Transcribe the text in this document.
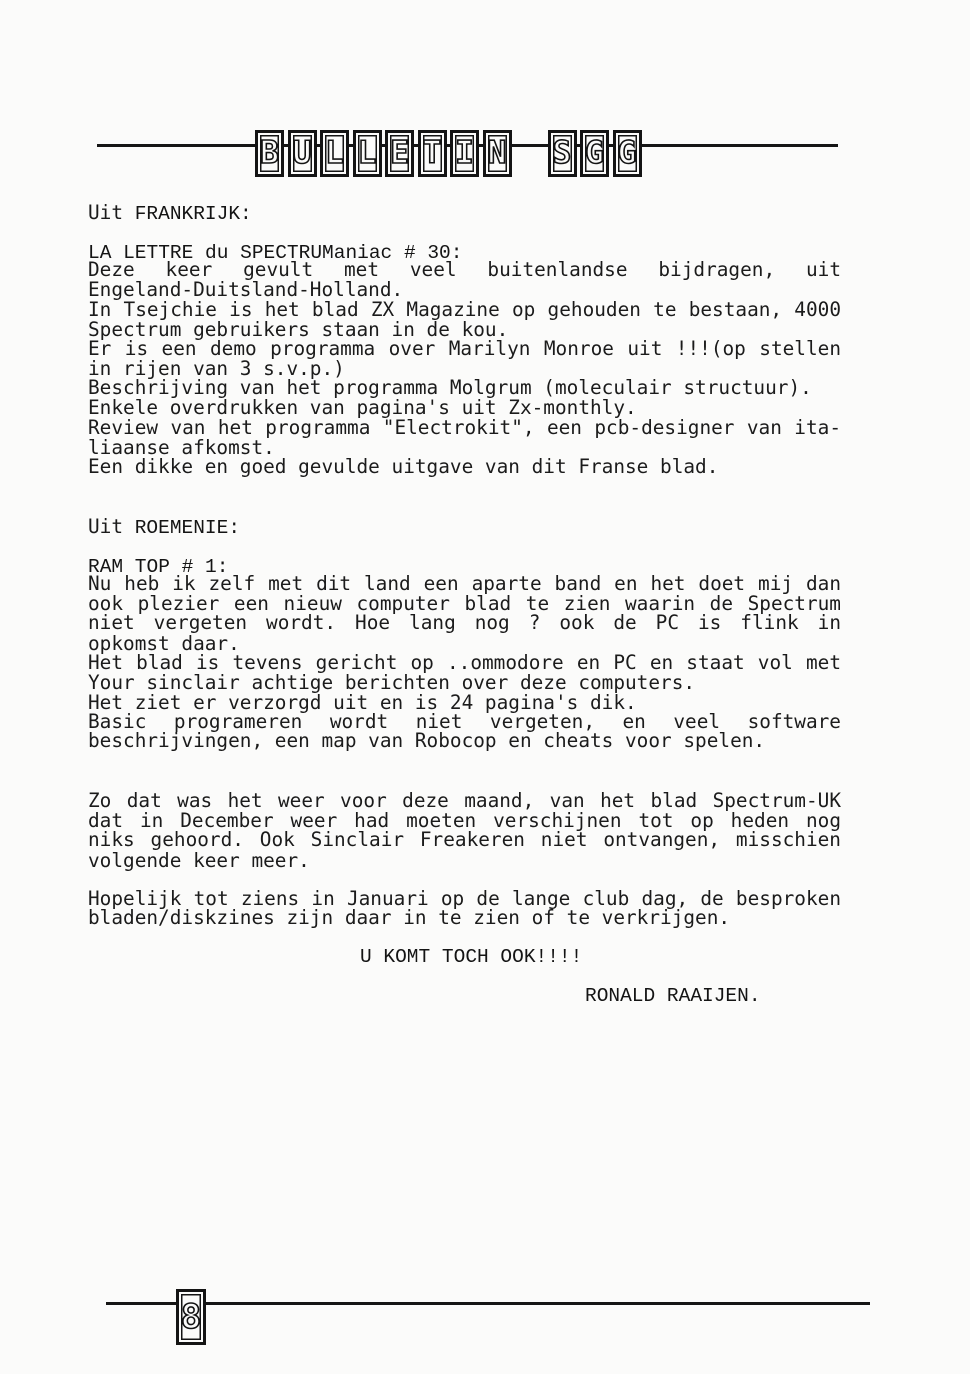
B U L L E T I N S G G
Uit FRANKRIJK:
LA LETTRE du SPECTRUManiac # 30:
Deze keer gevult met veel buitenlandse bijdragen, uit
Engeland-Duitsland-Holland.
In Tsejchie is het blad ZX Magazine op gehouden te bestaan, 4000
Spectrum gebruikers staan in de kou.
Er is een demo programma over Marilyn Monroe uit !!!(op stellen
in rijen van 3 s.v.p.)
Beschrijving van het programma Molgrum (moleculair structuur).
Enkele overdrukken van pagina's uit Zx-monthly.
Review van het programma "Electrokit", een pcb-designer van ita-
liaanse afkomst.
Een dikke en goed gevulde uitgave van dit Franse blad.
Uit ROEMENIE:
RAM TOP # 1:
Nu heb ik zelf met dit land een aparte band en het doet mij dan
ook plezier een nieuw computer blad te zien waarin de Spectrum
niet vergeten wordt. Hoe lang nog ? ook de PC is flink in
opkomst daar.
Het blad is tevens gericht op ..ommodore en PC en staat vol met
Your sinclair achtige berichten over deze computers.
Het ziet er verzorgd uit en is 24 pagina's dik.
Basic programeren wordt niet vergeten, en veel software
beschrijvingen, een map van Robocop en cheats voor spelen.
Zo dat was het weer voor deze maand, van het blad Spectrum-UK
dat in December weer had moeten verschijnen tot op heden nog
niks gehoord. Ook Sinclair Freakeren niet ontvangen, misschien
volgende keer meer.
Hopelijk tot ziens in Januari op de lange club dag, de besproken
bladen/diskzines zijn daar in te zien of te verkrijgen.
U KOMT TOCH OOK!!!!
RONALD RAAIJEN.
8
